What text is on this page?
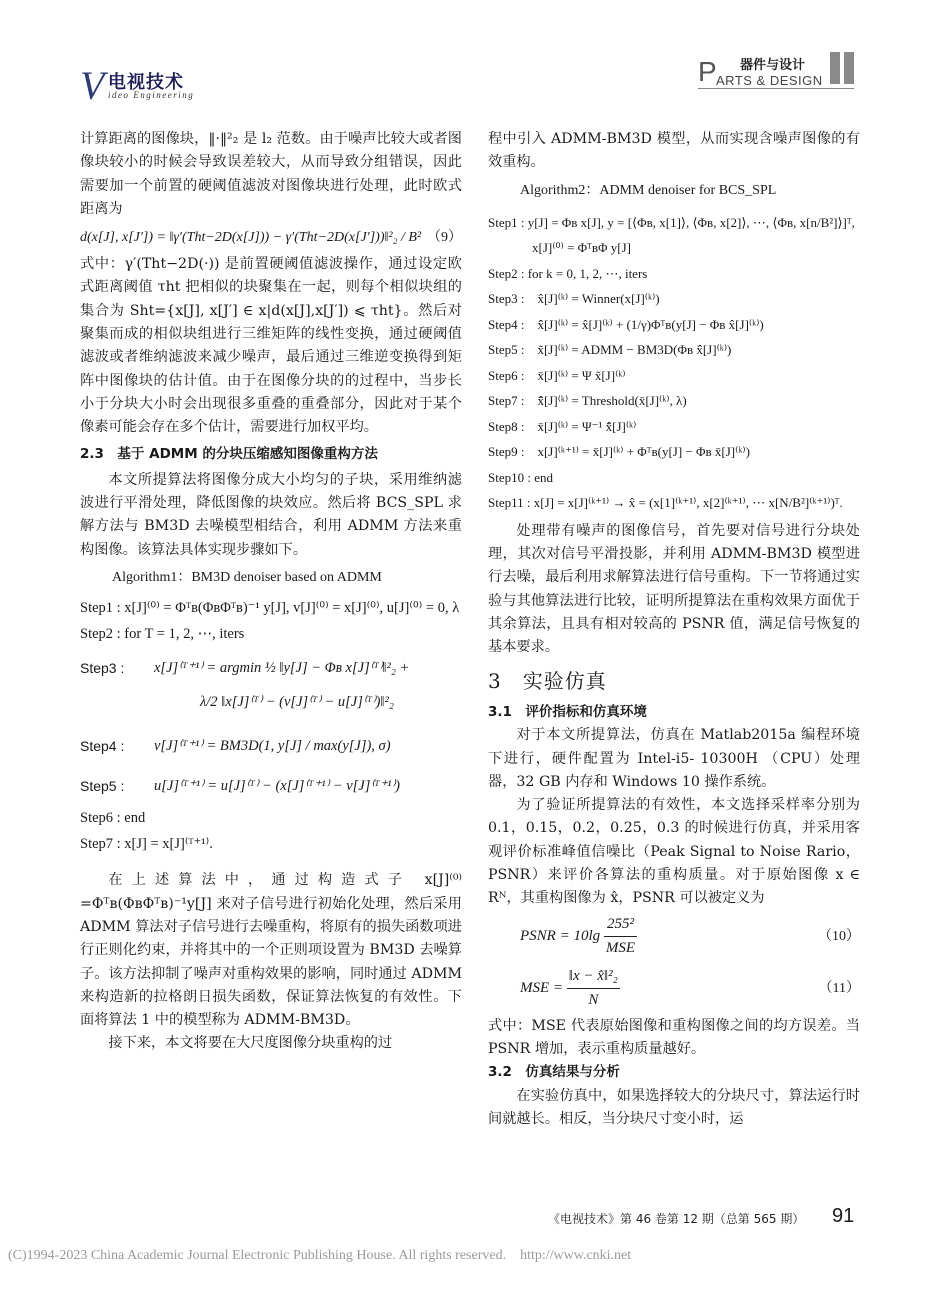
V 电视技术
ideo Engineering
器件与设计
P ARTS & DESIGN

计算距离的图像块，‖·‖²₂ 是 l₂ 范数。由于噪声比较大或者图像块较小的时候会导致误差较大，从而导致分组错误，因此需要加一个前置的硬阈值滤波对图像块进行处理，此时欧式距离为

d(x[J], x[J′]) = ‖γ′(Tht−2D(x[J])) − γ′(Tht−2D(x[J′]))‖²₂ / B² （9）

式中：γ′(Tht−2D(·)) 是前置硬阈值滤波操作，通过设定欧式距离阈值 τht 把相似的块聚集在一起，则每个相似块组的集合为 Sht={x[J], x[J′] ∈ x|d(x[J],x[J′]) ⩽ τht}。然后对聚集而成的相似块组进行三维矩阵的线性变换，通过硬阈值滤波或者维纳滤波来减少噪声，最后通过三维逆变换得到矩阵中图像块的估计值。由于在图像分块的的过程中，当步长小于分块大小时会出现很多重叠的重叠部分，因此对于某个像素可能会存在多个估计，需要进行加权平均。

2.3　基于 ADMM 的分块压缩感知图像重构方法

本文所提算法将图像分成大小均匀的子块，采用维纳滤波进行平滑处理，降低图像的块效应。然后将 BCS_SPL 求解方法与 BM3D 去噪模型相结合，利用 ADMM 方法来重构图像。该算法具体实现步骤如下。

Algorithm1：BM3D denoiser based on ADMM
Step1 : x[J]⁽⁰⁾ = Φᵀʙ(ΦʙΦᵀʙ)⁻¹ y[J], v[J]⁽⁰⁾ = x[J]⁽⁰⁾, u[J]⁽⁰⁾ = 0, λ
Step2 : for T = 1, 2, ⋯, iters
Step3 :	x[J]⁽ᵀ⁺¹⁾ = argmin ½ ‖y[J] − Φʙ x[J]⁽ᵀ⁾‖²₂ +
λ/2 ‖x[J]⁽ᵀ⁾ − (v[J]⁽ᵀ⁾ − u[J]⁽ᵀ⁾)‖²₂
Step4 :	v[J]⁽ᵀ⁺¹⁾ = BM3D(1, y[J] / max(y[J]), σ)
Step5 :	u[J]⁽ᵀ⁺¹⁾ = u[J]⁽ᵀ⁾ − (x[J]⁽ᵀ⁺¹⁾ − v[J]⁽ᵀ⁺¹⁾)
Step6 : end
Step7 : x[J] = x[J]⁽ᵀ⁺¹⁾.

在上述算法中，通过构造式子 x[J]⁽⁰⁾=Φᵀʙ(ΦʙΦᵀʙ)⁻¹y[J] 来对子信号进行初始化处理，然后采用 ADMM 算法对子信号进行去噪重构，将原有的损失函数项进行正则化约束，并将其中的一个正则项设置为 BM3D 去噪算子。该方法抑制了噪声对重构效果的影响，同时通过 ADMM 来构造新的拉格朗日损失函数，保证算法恢复的有效性。下面将算法 1 中的模型称为 ADMM-BM3D。

接下来，本文将要在大尺度图像分块重构的过

程中引入 ADMM-BM3D 模型，从而实现含噪声图像的有效重构。

Algorithm2：ADMM denoiser for BCS_SPL
Step1 : y[J] = Φʙ x[J], y = [⟨Φʙ, x[1]⟩, ⟨Φʙ, x[2]⟩, ⋯, ⟨Φʙ, x[n/B²]⟩]ᵀ,
x[J]⁽⁰⁾ = ΦᵀʙΦ y[J]
Step2 : for k = 0, 1, 2, ⋯, iters
Step3 :　x̂[J]⁽ᵏ⁾ = Winner(x[J]⁽ᵏ⁾)
Step4 :　x̂̂[J]⁽ᵏ⁾ = x̂[J]⁽ᵏ⁾ + (1/γ)Φᵀʙ(y[J] − Φʙ x̂[J]⁽ᵏ⁾)
Step5 :　x̃[J]⁽ᵏ⁾ = ADMM − BM3D(Φʙ x̂̂[J]⁽ᵏ⁾)
Step6 :　x̄[J]⁽ᵏ⁾ = Ψ x̃[J]⁽ᵏ⁾
Step7 :　x̄̂[J]⁽ᵏ⁾ = Threshold(x̄[J]⁽ᵏ⁾, λ)
Step8 :　x̄[J]⁽ᵏ⁾ = Ψ⁻¹ x̄̂[J]⁽ᵏ⁾
Step9 :　x[J]⁽ᵏ⁺¹⁾ = x̄[J]⁽ᵏ⁾ + Φᵀʙ(y[J] − Φʙ x̄[J]⁽ᵏ⁾)
Step10 : end
Step11 : x[J] = x[J]⁽ᵏ⁺¹⁾ → x̂ = (x[1]⁽ᵏ⁺¹⁾, x[2]⁽ᵏ⁺¹⁾, ⋯ x[N/B²]⁽ᵏ⁺¹⁾)ᵀ.

处理带有噪声的图像信号，首先要对信号进行分块处理，其次对信号平滑投影，并利用 ADMM-BM3D 模型进行去噪，最后利用求解算法进行信号重构。下一节将通过实验与其他算法进行比较，证明所提算法在重构效果方面优于其余算法，且具有相对较高的 PSNR 值，满足信号恢复的基本要求。

3　实验仿真
3.1　评价指标和仿真环境

对于本文所提算法，仿真在 Matlab2015a 编程环境下进行，硬件配置为 Intel-i5- 10300H （CPU）处理器，32 GB 内存和 Windows 10 操作系统。

为了验证所提算法的有效性，本文选择采样率分别为 0.1，0.15，0.2，0.25，0.3 的时候进行仿真，并采用客观评价标准峰值信噪比（Peak Signal to Noise Rario，PSNR）来评价各算法的重构质量。对于原始图像 x ∈ Rᴺ，其重构图像为 x̂，PSNR 可以被定义为

PSNR = $10\lg \frac{\text{255²}}{\text{MSE}}$	（10）
MSE = $\frac{\text{‖x − x̂‖²₂}}{N}$	（11）

式中：MSE 代表原始图像和重构图像之间的均方误差。当 PSNR 增加，表示重构质量越好。

3.2　仿真结果与分析

在实验仿真中，如果选择较大的分块尺寸，算法运行时间就越长。相反，当分块尺寸变小时，运

《电视技术》第 46 卷第 12 期（总第 565 期） 91
(C)1994-2023 China Academic Journal Electronic Publishing House. All rights reserved.　http://www.cnki.net
